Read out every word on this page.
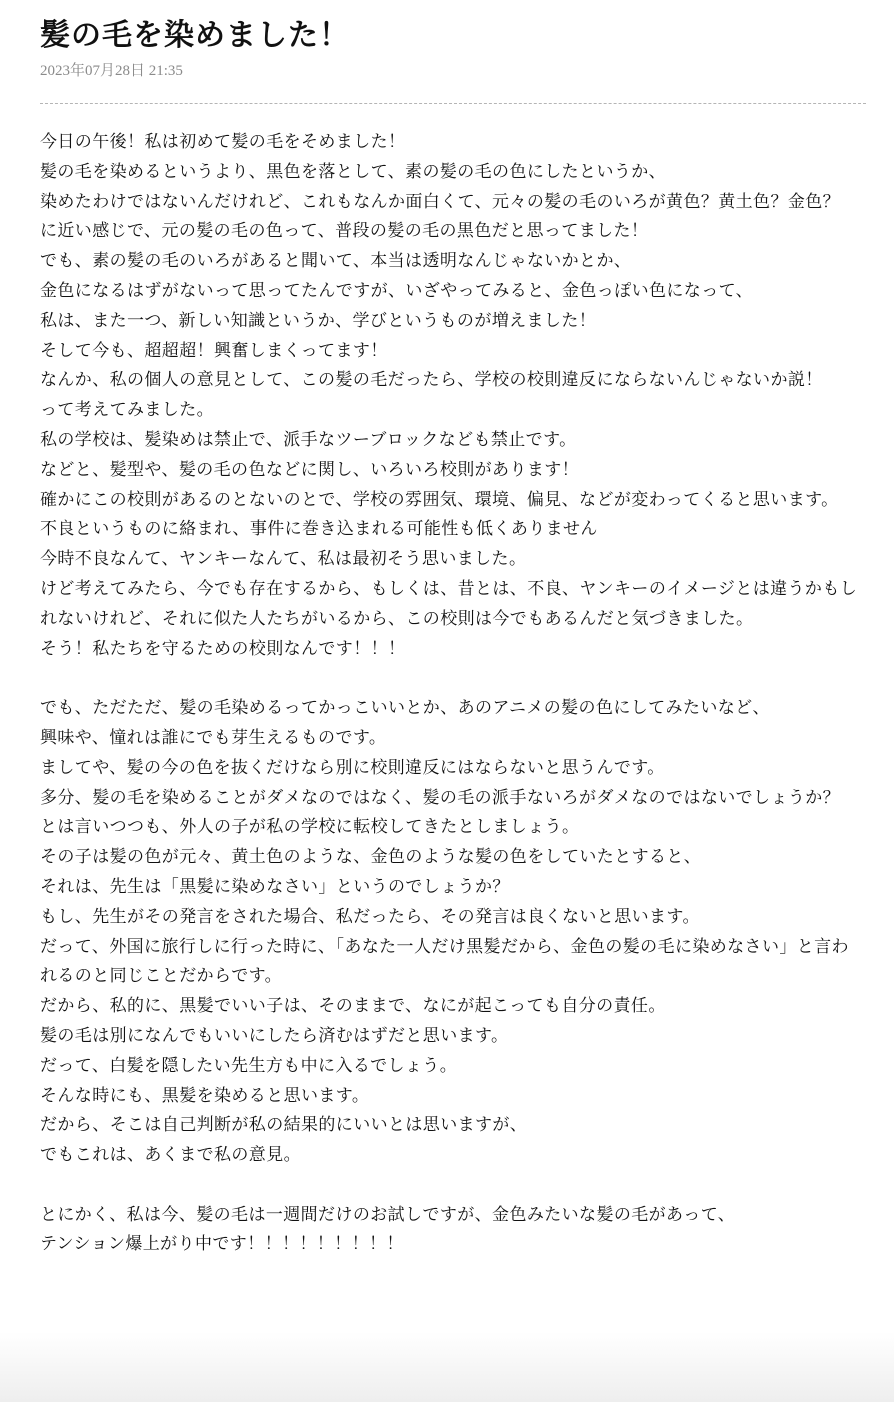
髪の毛を染めました！
2023年07月28日 21:35
今日の午後！私は初めて髪の毛をそめました！
髪の毛を染めるというより、黒色を落として、素の髪の毛の色にしたというか、
染めたわけではないんだけれど、これもなんか面白くて、元々の髪の毛のいろが黄色？黄土色？金色？
に近い感じで、元の髪の毛の色って、普段の髪の毛の黒色だと思ってました！
でも、素の髪の毛のいろがあると聞いて、本当は透明なんじゃないかとか、
金色になるはずがないって思ってたんですが、いざやってみると、金色っぽい色になって、
私は、また一つ、新しい知識というか、学びというものが増えました！
そして今も、超超超！興奮しまくってます！
なんか、私の個人の意見として、この髪の毛だったら、学校の校則違反にならないんじゃないか説！
って考えてみました。
私の学校は、髪染めは禁止で、派手なツーブロックなども禁止です。
などと、髪型や、髪の毛の色などに関し、いろいろ校則があります！
確かにこの校則があるのとないのとで、学校の雰囲気、環境、偏見、などが変わってくると思います。
不良というものに絡まれ、事件に巻き込まれる可能性も低くありません
今時不良なんて、ヤンキーなんて、私は最初そう思いました。
けど考えてみたら、今でも存在するから、もしくは、昔とは、不良、ヤンキーのイメージとは違うかもしれないけれど、それに似た人たちがいるから、この校則は今でもあるんだと気づきました。
そう！私たちを守るための校則なんです！！！
でも、ただただ、髪の毛染めるってかっこいいとか、あのアニメの髪の色にしてみたいなど、
興味や、憧れは誰にでも芽生えるものです。
ましてや、髪の今の色を抜くだけなら別に校則違反にはならないと思うんです。
多分、髪の毛を染めることがダメなのではなく、髪の毛の派手ないろがダメなのではないでしょうか？
とは言いつつも、外人の子が私の学校に転校してきたとしましょう。
その子は髪の色が元々、黄土色のような、金色のような髪の色をしていたとすると、
それは、先生は「黒髪に染めなさい」というのでしょうか？
もし、先生がその発言をされた場合、私だったら、その発言は良くないと思います。
だって、外国に旅行しに行った時に、「あなた一人だけ黒髪だから、金色の髪の毛に染めなさい」と言われるのと同じことだからです。
だから、私的に、黒髪でいい子は、そのままで、なにが起こっても自分の責任。
髪の毛は別になんでもいいにしたら済むはずだと思います。
だって、白髪を隠したい先生方も中に入るでしょう。
そんな時にも、黒髪を染めると思います。
だから、そこは自己判断が私の結果的にいいとは思いますが、
でもこれは、あくまで私の意見。
とにかく、私は今、髪の毛は一週間だけのお試しですが、金色みたいな髪の毛があって、
テンション爆上がり中です！！！！！！！！！
